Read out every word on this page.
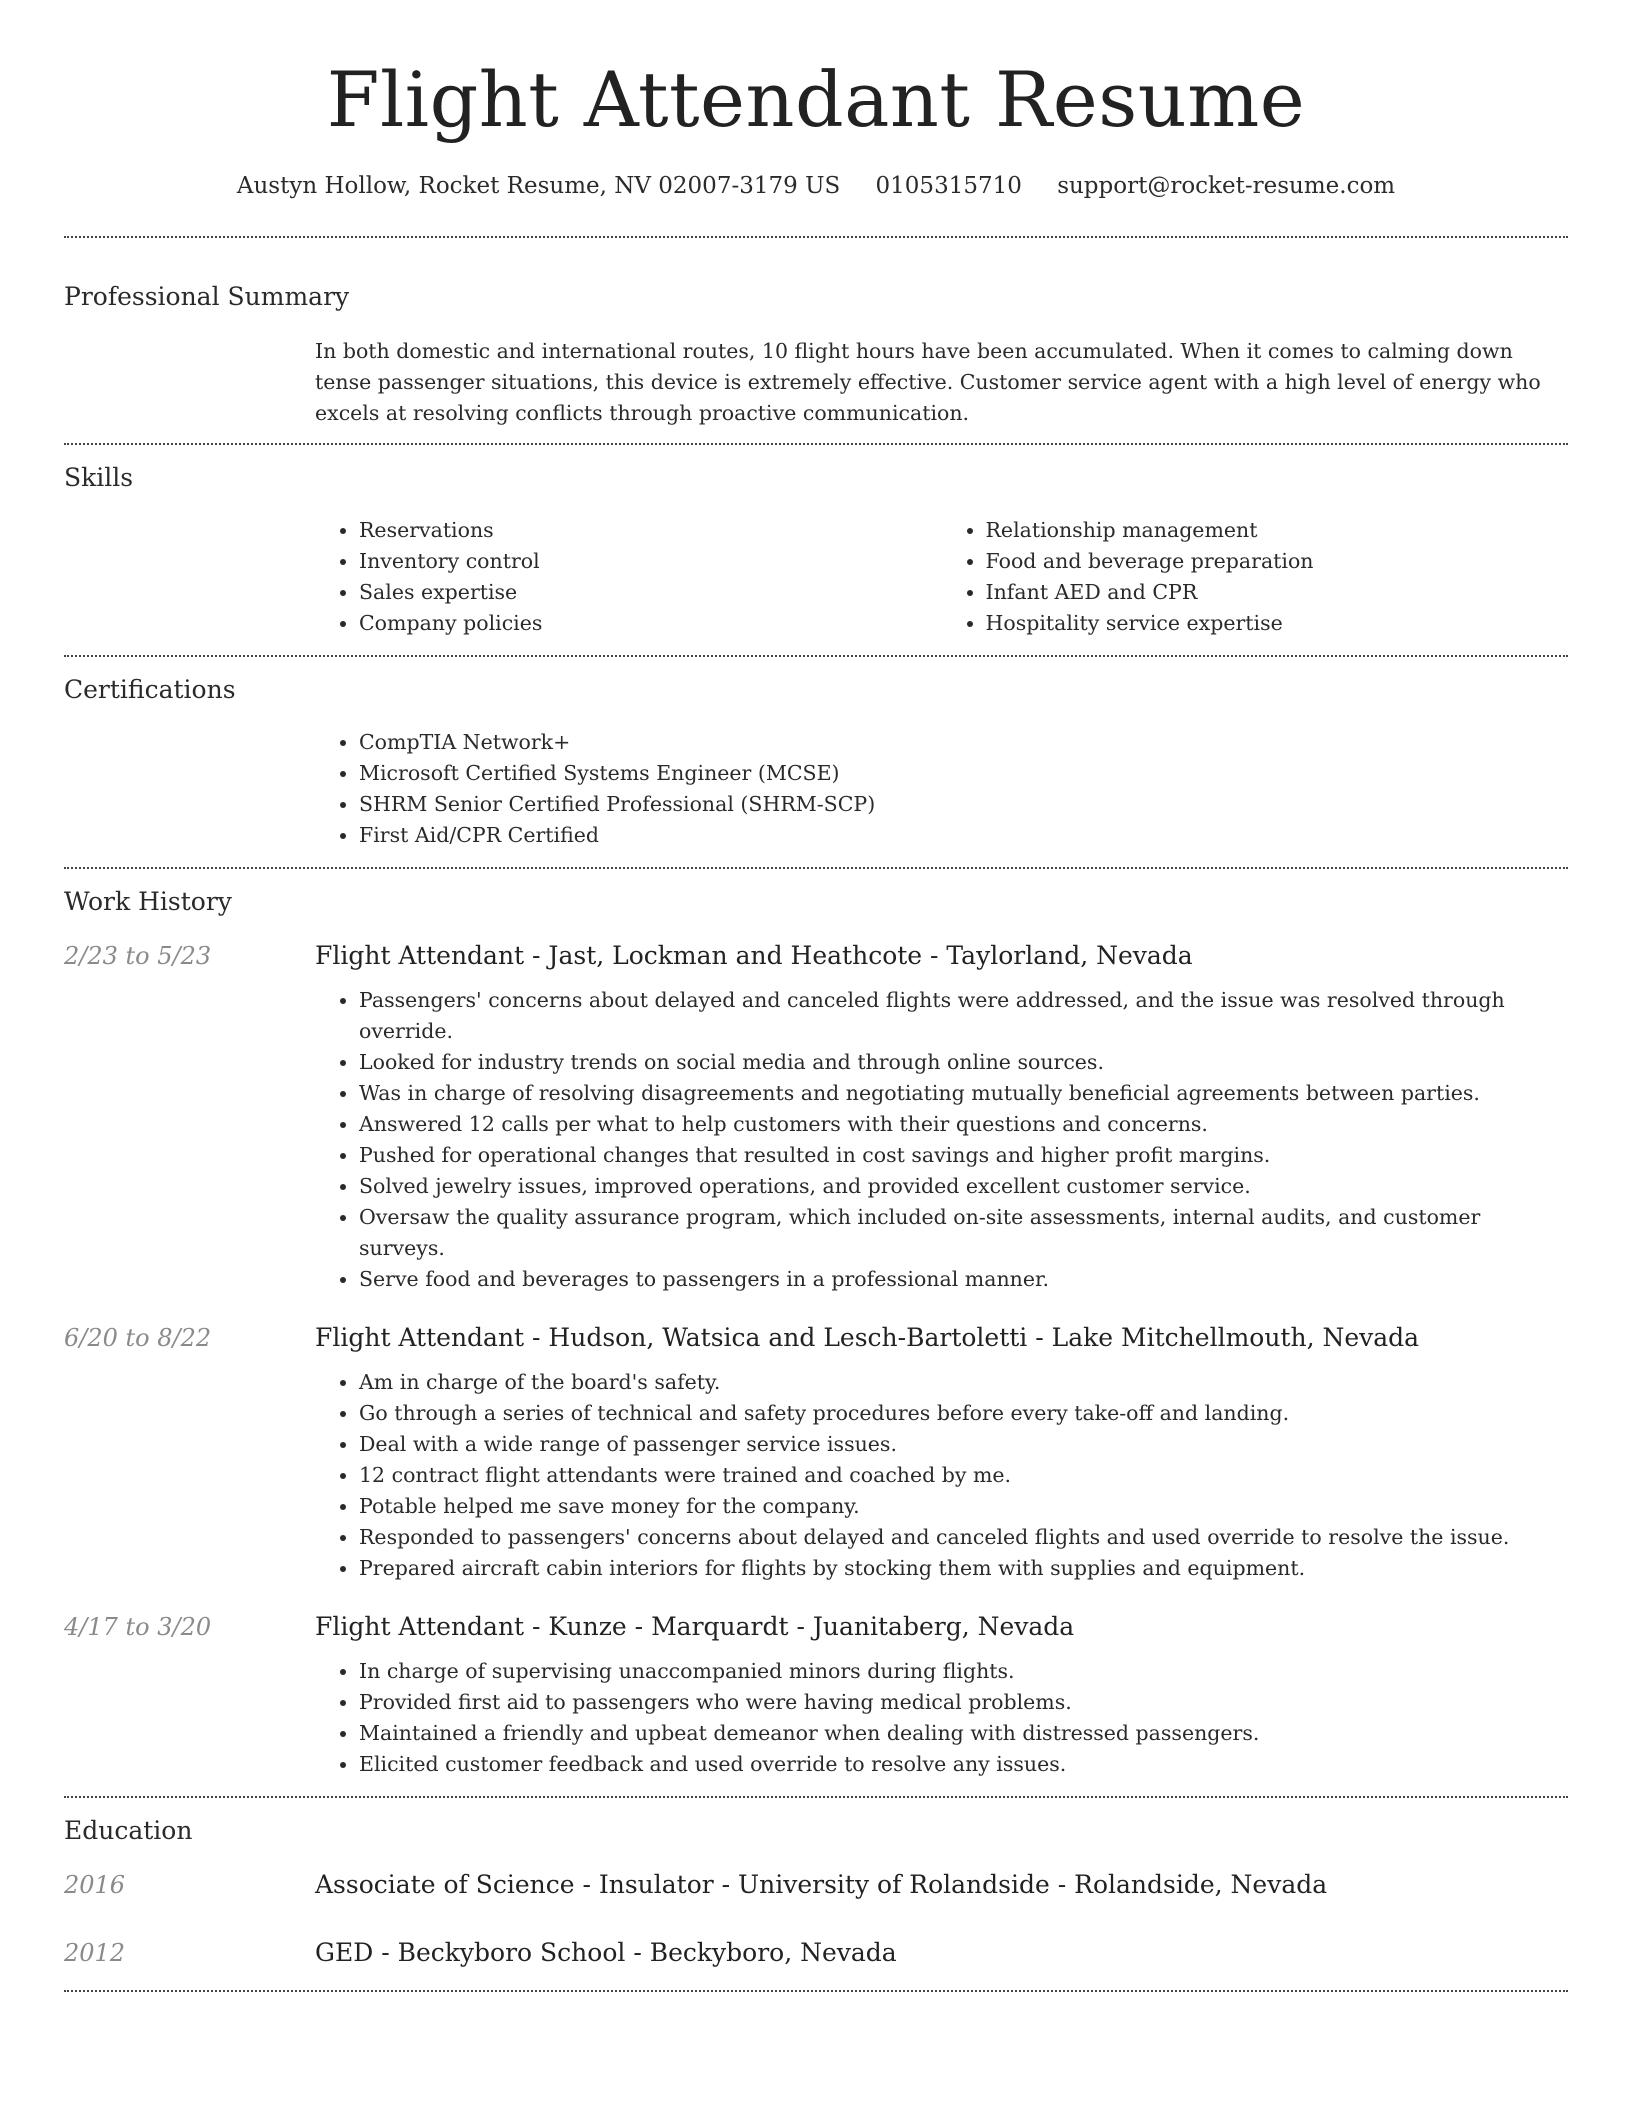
Flight Attendant Resume
Austyn Hollow, Rocket Resume, NV 02007-3179 US 0105315710 support@rocket-resume.com
Professional Summary
In both domestic and international routes, 10 flight hours have been accumulated. When it comes to calming down tense passenger situations, this device is extremely effective. Customer service agent with a high level of energy who excels at resolving conflicts through proactive communication.
Skills
• Reservations
• Inventory control
• Sales expertise
• Company policies
• Relationship management
• Food and beverage preparation
• Infant AED and CPR
• Hospitality service expertise
Certifications
• CompTIA Network+
• Microsoft Certified Systems Engineer (MCSE)
• SHRM Senior Certified Professional (SHRM-SCP)
• First Aid/CPR Certified
Work History
2/23 to 5/23	Flight Attendant - Jast, Lockman and Heathcote - Taylorland, Nevada
• Passengers' concerns about delayed and canceled flights were addressed, and the issue was resolved through override.
• Looked for industry trends on social media and through online sources.
• Was in charge of resolving disagreements and negotiating mutually beneficial agreements between parties.
• Answered 12 calls per what to help customers with their questions and concerns.
• Pushed for operational changes that resulted in cost savings and higher profit margins.
• Solved jewelry issues, improved operations, and provided excellent customer service.
• Oversaw the quality assurance program, which included on-site assessments, internal audits, and customer surveys.
• Serve food and beverages to passengers in a professional manner.
6/20 to 8/22	Flight Attendant - Hudson, Watsica and Lesch-Bartoletti - Lake Mitchellmouth, Nevada
• Am in charge of the board's safety.
• Go through a series of technical and safety procedures before every take-off and landing.
• Deal with a wide range of passenger service issues.
• 12 contract flight attendants were trained and coached by me.
• Potable helped me save money for the company.
• Responded to passengers' concerns about delayed and canceled flights and used override to resolve the issue.
• Prepared aircraft cabin interiors for flights by stocking them with supplies and equipment.
4/17 to 3/20	Flight Attendant - Kunze - Marquardt - Juanitaberg, Nevada
• In charge of supervising unaccompanied minors during flights.
• Provided first aid to passengers who were having medical problems.
• Maintained a friendly and upbeat demeanor when dealing with distressed passengers.
• Elicited customer feedback and used override to resolve any issues.
Education
2016	Associate of Science - Insulator - University of Rolandside - Rolandside, Nevada
2012	GED - Beckyboro School - Beckyboro, Nevada
